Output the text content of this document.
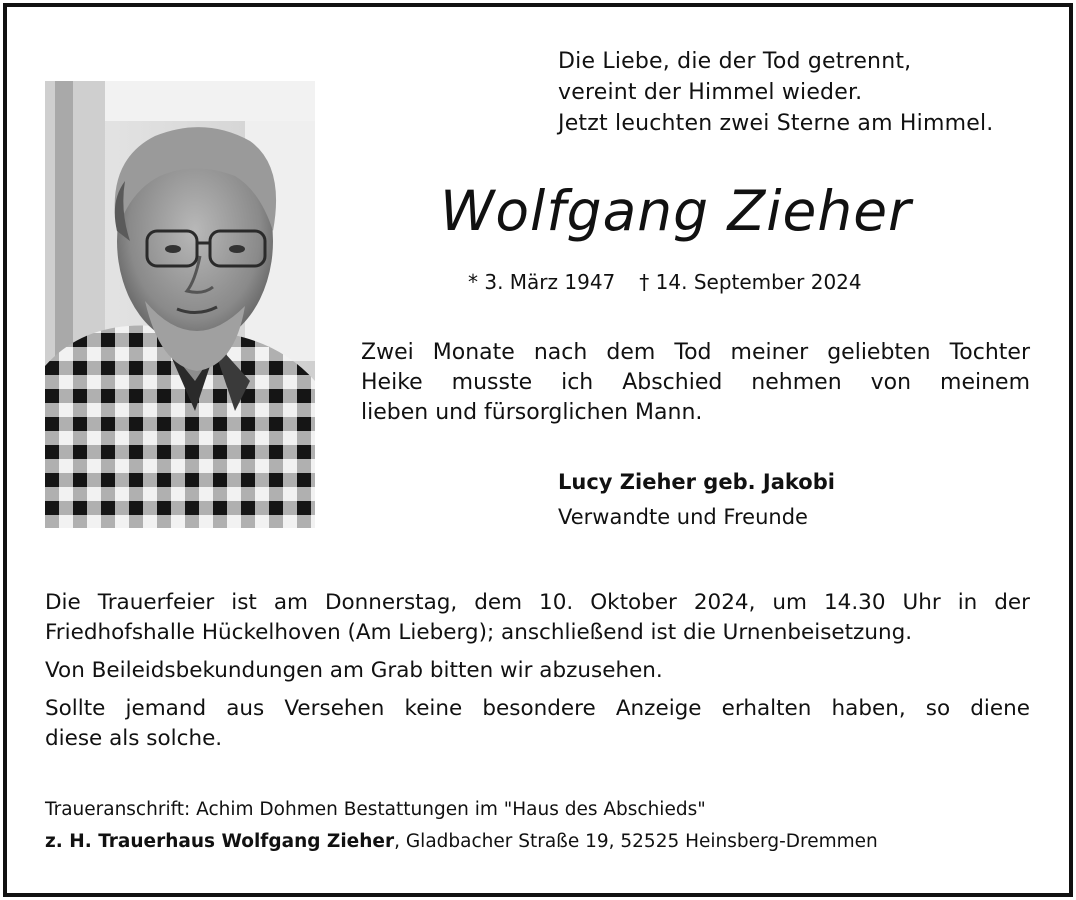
Die Liebe, die der Tod getrennt,
vereint der Himmel wieder.
Jetzt leuchten zwei Sterne am Himmel.
Wolfgang Zieher
* 3. März 1947 † 14. September 2024
Zwei Monate nach dem Tod meiner geliebten Tochter
Heike musste ich Abschied nehmen von meinem
lieben und fürsorglichen Mann.
Lucy Zieher geb. Jakobi
Verwandte und Freunde

Die Trauerfeier ist am Donnerstag, dem 10. Oktober 2024, um 14.30 Uhr in der
Friedhofshalle Hückelhoven (Am Lieberg); anschließend ist die Urnenbeisetzung.

Von Beileidsbekundungen am Grab bitten wir abzusehen.

Sollte jemand aus Versehen keine besondere Anzeige erhalten haben, so diene
diese als solche.

Traueranschrift: Achim Dohmen Bestattungen im "Haus des Abschieds"
z. H. Trauerhaus Wolfgang Zieher, Gladbacher Straße 19, 52525 Heinsberg-Dremmen
